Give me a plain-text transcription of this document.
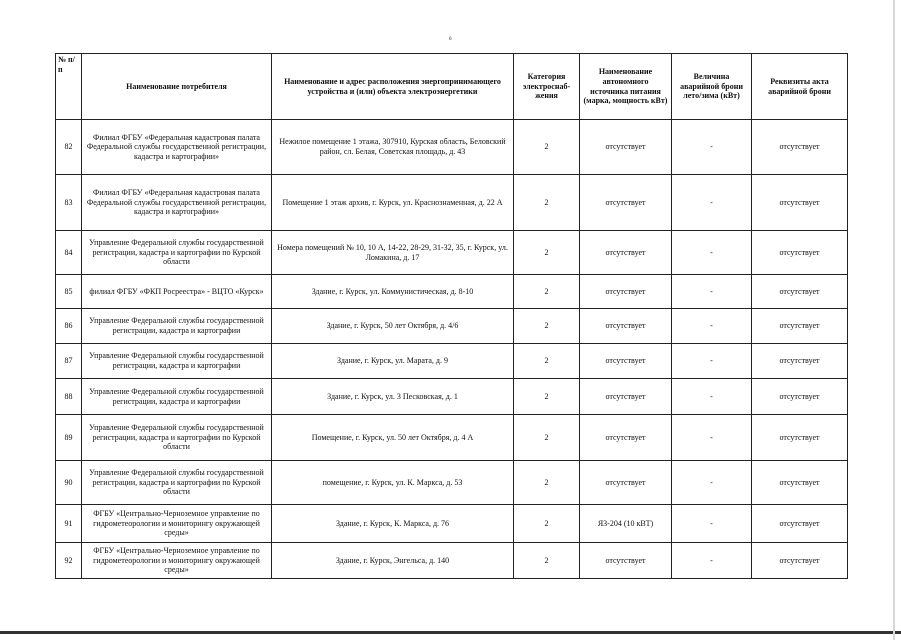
6
№ п/п	Наименование потребителя	Наименование и адрес расположения энергопринимающего устройства и (или) объекта электроэнергетики	Категория электроснаб-жения	Наименование автономного источника питания (марка, мощность кВт)	Величина аварийной брони лето/зима (кВт)	Реквизиты акта аварийной брони
82	Филиал ФГБУ «Федеральная кадастровая палата Федеральной службы государственной регистрации, кадастра и картографии»	Нежилое помещение 1 этажа, 307910, Курская область, Беловский район, сл. Белая, Советская площадь, д. 43	2	отсутствует	-	отсутствует
83	Филиал ФГБУ «Федеральная кадастровая палата Федеральной службы государственной регистрации, кадастра и картографии»	Помещение 1 этаж архив, г. Курск, ул. Краснознаменная, д. 22 А	2	отсутствует	-	отсутствует
84	Управление Федеральной службы государственной регистрации, кадастра и картографии по Курской области	Номера помещений № 10, 10 А, 14-22, 28-29, 31-32, 35, г. Курск, ул. Ломакина, д. 17	2	отсутствует	-	отсутствует
85	филиал ФГБУ «ФКП Росреестра» - ВЦТО «Курск»	Здание, г. Курск, ул. Коммунистическая, д. 8-10	2	отсутствует	-	отсутствует
86	Управление Федеральной службы государственной регистрации, кадастра и картографии	Здание, г. Курск, 50 лет Октября, д. 4/6	2	отсутствует	-	отсутствует
87	Управление Федеральной службы государственной регистрации, кадастра и картографии	Здание, г. Курск, ул. Марата, д. 9	2	отсутствует	-	отсутствует
88	Управление Федеральной службы государственной регистрации, кадастра и картографии	Здание, г. Курск, ул. 3 Песковская, д. 1	2	отсутствует	-	отсутствует
89	Управление Федеральной службы государственной регистрации, кадастра и картографии по Курской области	Помещение, г. Курск, ул. 50 лет Октября, д. 4 А	2	отсутствует	-	отсутствует
90	Управление Федеральной службы государственной регистрации, кадастра и картографии по Курской области	помещение, г. Курск, ул. К. Маркса, д. 53	2	отсутствует	-	отсутствует
91	ФГБУ «Центрально-Черноземное управление по гидрометеорологии и мониторингу окружающей среды»	Здание, г. Курск, К. Маркса, д. 76	2	ЯЗ-204 (10 кВТ)	-	отсутствует
92	ФГБУ «Центрально-Черноземное управление по гидрометеорологии и мониторингу окружающей среды»	Здание, г. Курск, Энгельса, д. 140	2	отсутствует	-	отсутствует
